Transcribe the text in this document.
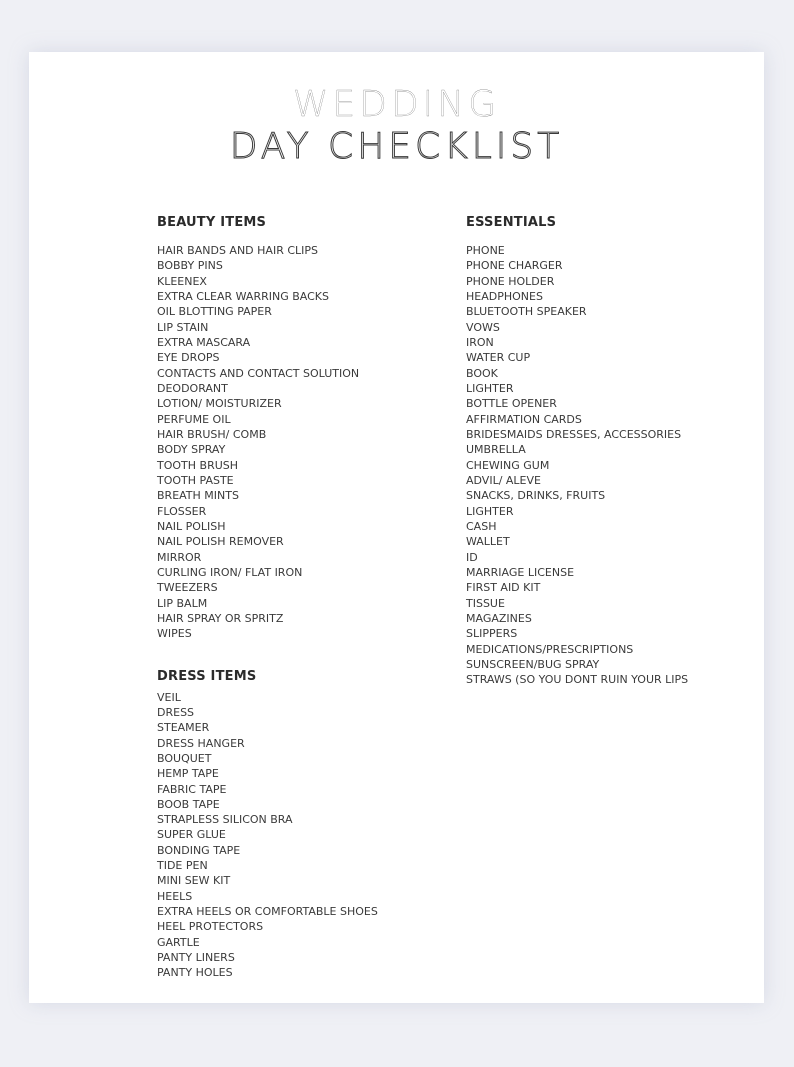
WEDDING
DAY CHECKLIST
BEAUTY ITEMS
HAIR BANDS AND HAIR CLIPS
BOBBY PINS
KLEENEX
EXTRA CLEAR WARRING BACKS
OIL BLOTTING PAPER
LIP STAIN
EXTRA MASCARA
EYE DROPS
CONTACTS AND CONTACT SOLUTION
DEODORANT
LOTION/ MOISTURIZER
PERFUME OIL
HAIR BRUSH/ COMB
BODY SPRAY
TOOTH BRUSH
TOOTH PASTE
BREATH MINTS
FLOSSER
NAIL POLISH
NAIL POLISH REMOVER
MIRROR
CURLING IRON/ FLAT IRON
TWEEZERS
LIP BALM
HAIR SPRAY OR SPRITZ
WIPES
DRESS ITEMS
VEIL
DRESS
STEAMER
DRESS HANGER
BOUQUET
HEMP TAPE
FABRIC TAPE
BOOB TAPE
STRAPLESS SILICON BRA
SUPER GLUE
BONDING TAPE
TIDE PEN
MINI SEW KIT
HEELS
EXTRA HEELS OR COMFORTABLE SHOES
HEEL PROTECTORS
GARTLE
PANTY LINERS
PANTY HOLES
ESSENTIALS
PHONE
PHONE CHARGER
PHONE HOLDER
HEADPHONES
BLUETOOTH SPEAKER
VOWS
IRON
WATER CUP
BOOK
LIGHTER
BOTTLE OPENER
AFFIRMATION CARDS
BRIDESMAIDS DRESSES, ACCESSORIES
UMBRELLA
CHEWING GUM
ADVIL/ ALEVE
SNACKS, DRINKS, FRUITS
LIGHTER
CASH
WALLET
ID
MARRIAGE LICENSE
FIRST AID KIT
TISSUE
MAGAZINES
SLIPPERS
MEDICATIONS/PRESCRIPTIONS
SUNSCREEN/BUG SPRAY
STRAWS (SO YOU DONT RUIN YOUR LIPS
